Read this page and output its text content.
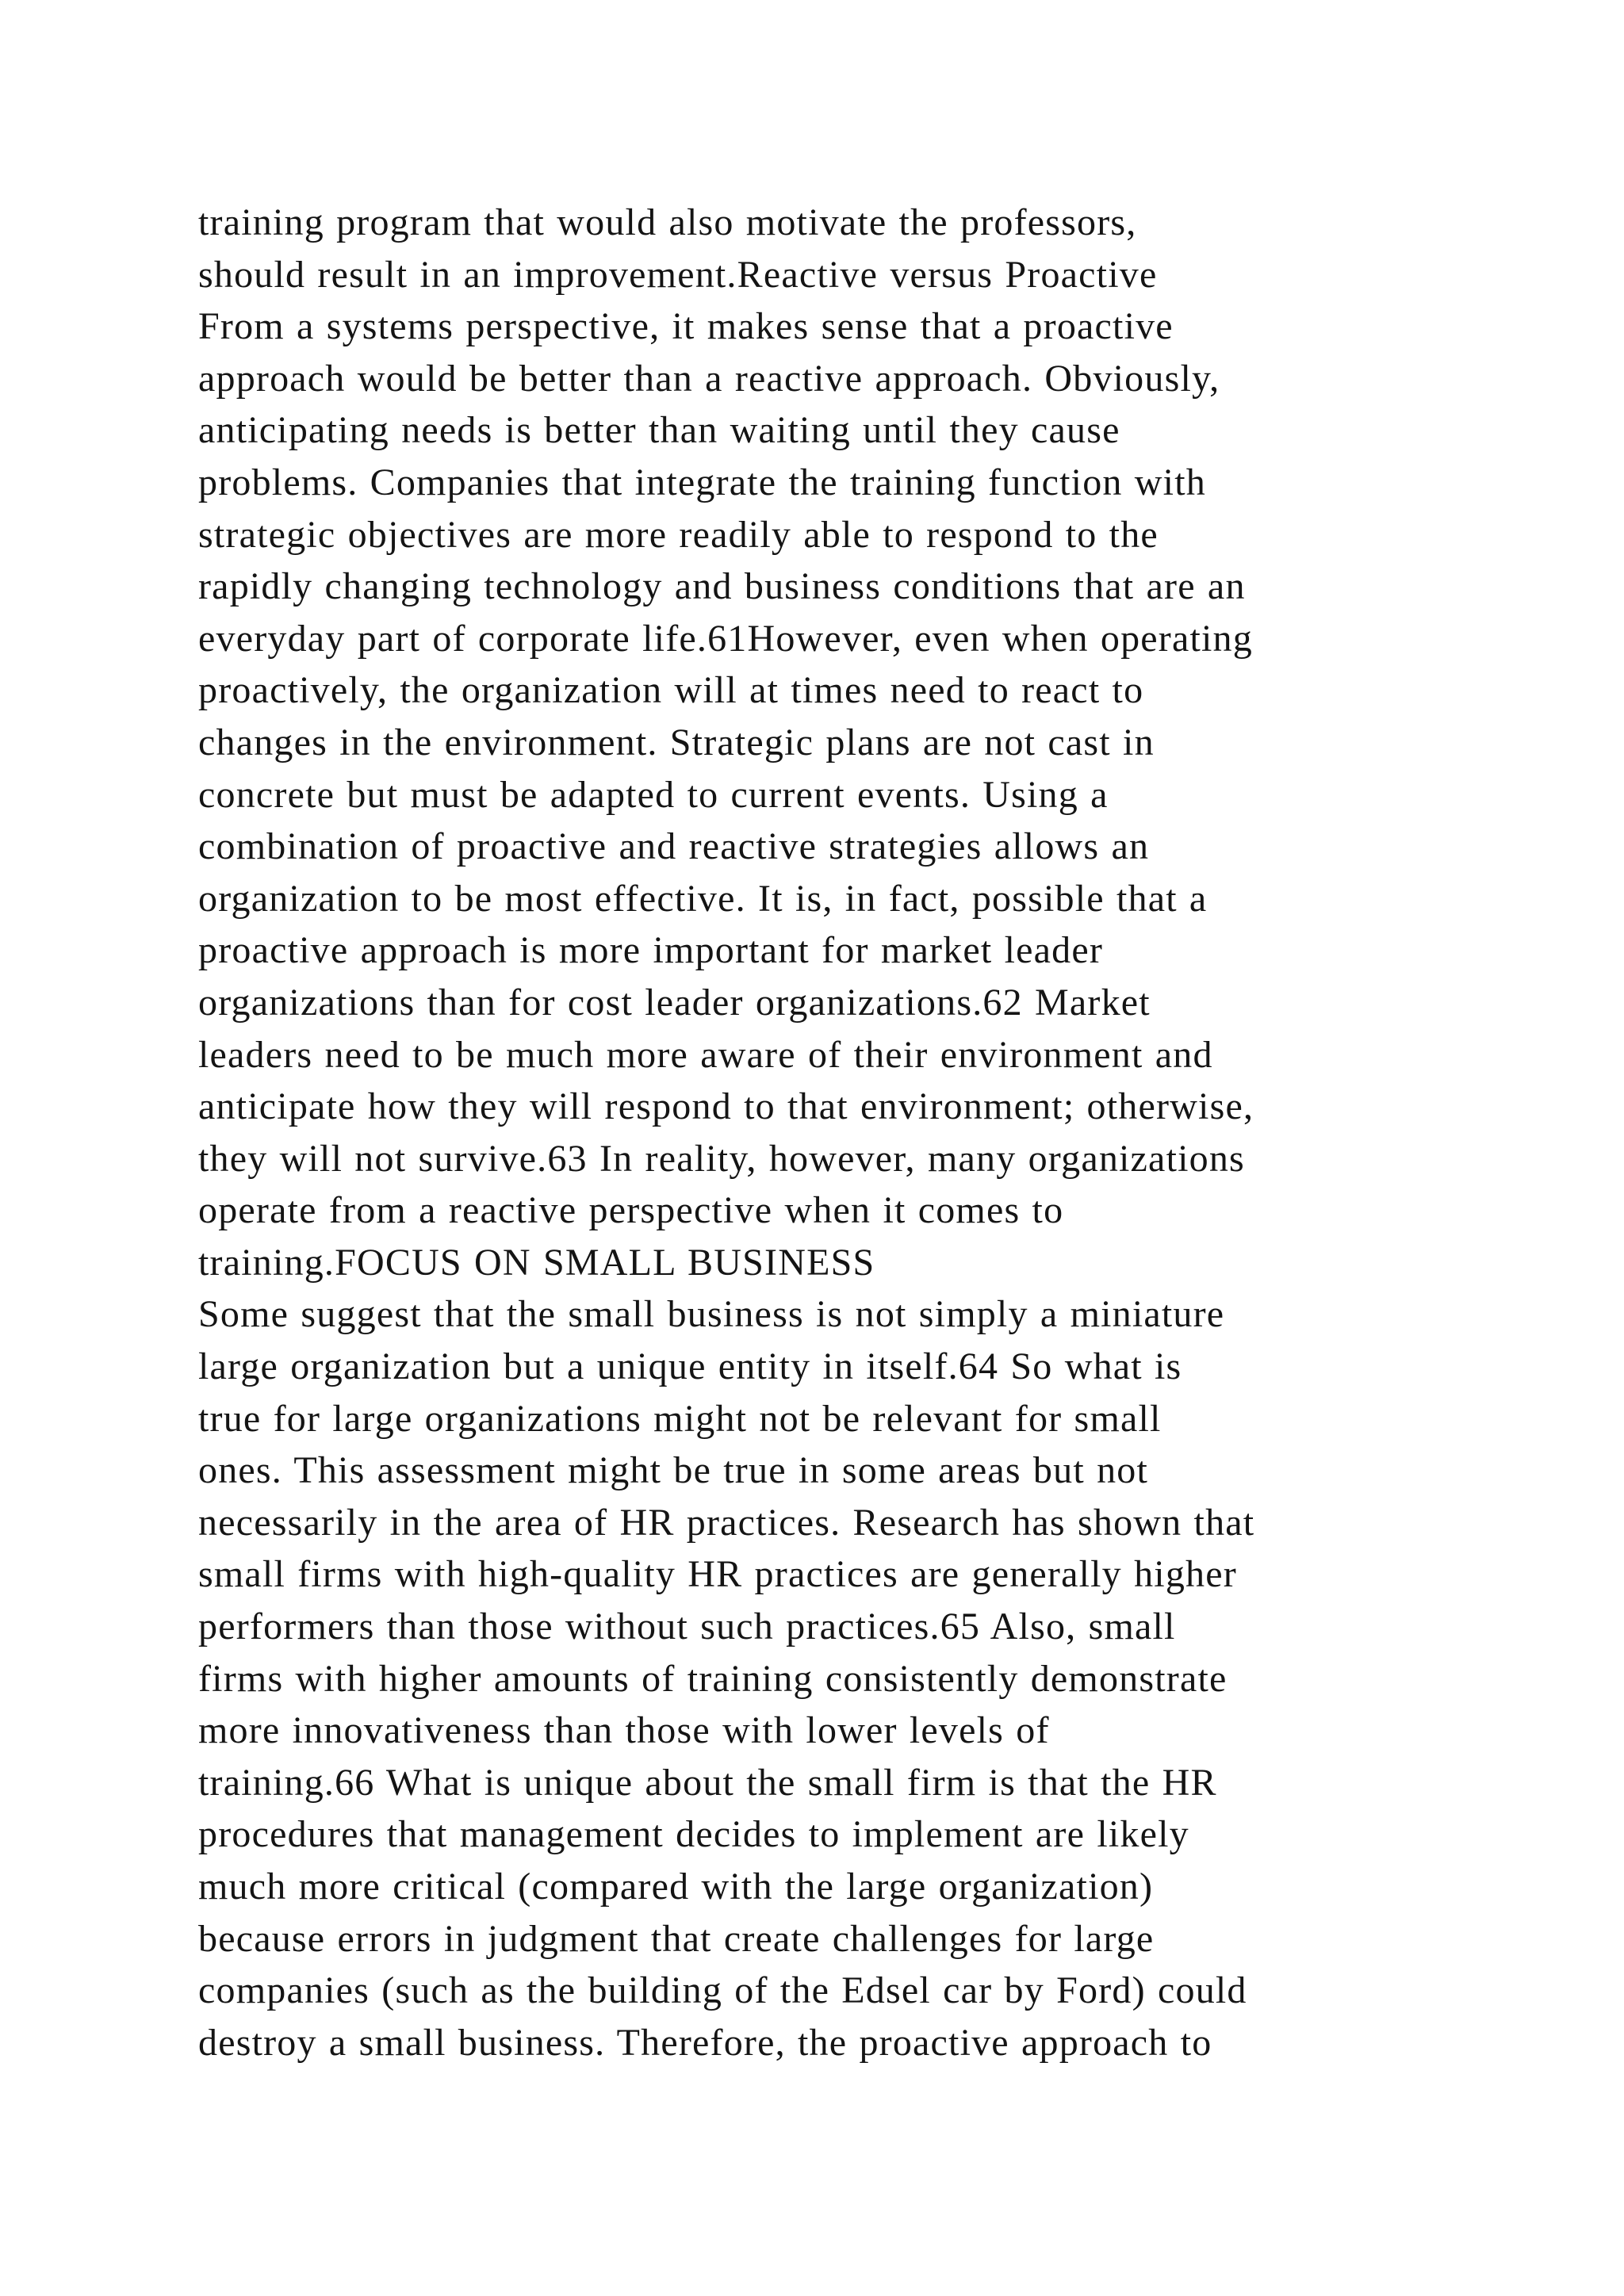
training program that would also motivate the professors,
should result in an improvement.Reactive versus Proactive
From a systems perspective, it makes sense that a proactive
approach would be better than a reactive approach. Obviously,
anticipating needs is better than waiting until they cause
problems. Companies that integrate the training function with
strategic objectives are more readily able to respond to the
rapidly changing technology and business conditions that are an
everyday part of corporate life.61However, even when operating
proactively, the organization will at times need to react to
changes in the environment. Strategic plans are not cast in
concrete but must be adapted to current events. Using a
combination of proactive and reactive strategies allows an
organization to be most effective. It is, in fact, possible that a
proactive approach is more important for market leader
organizations than for cost leader organizations.62 Market
leaders need to be much more aware of their environment and
anticipate how they will respond to that environment; otherwise,
they will not survive.63 In reality, however, many organizations
operate from a reactive perspective when it comes to
training.FOCUS ON SMALL BUSINESS
Some suggest that the small business is not simply a miniature
large organization but a unique entity in itself.64 So what is
true for large organizations might not be relevant for small
ones. This assessment might be true in some areas but not
necessarily in the area of HR practices. Research has shown that
small firms with high-quality HR practices are generally higher
performers than those without such practices.65 Also, small
firms with higher amounts of training consistently demonstrate
more innovativeness than those with lower levels of
training.66 What is unique about the small firm is that the HR
procedures that management decides to implement are likely
much more critical (compared with the large organization)
because errors in judgment that create challenges for large
companies (such as the building of the Edsel car by Ford) could
destroy a small business. Therefore, the proactive approach to
